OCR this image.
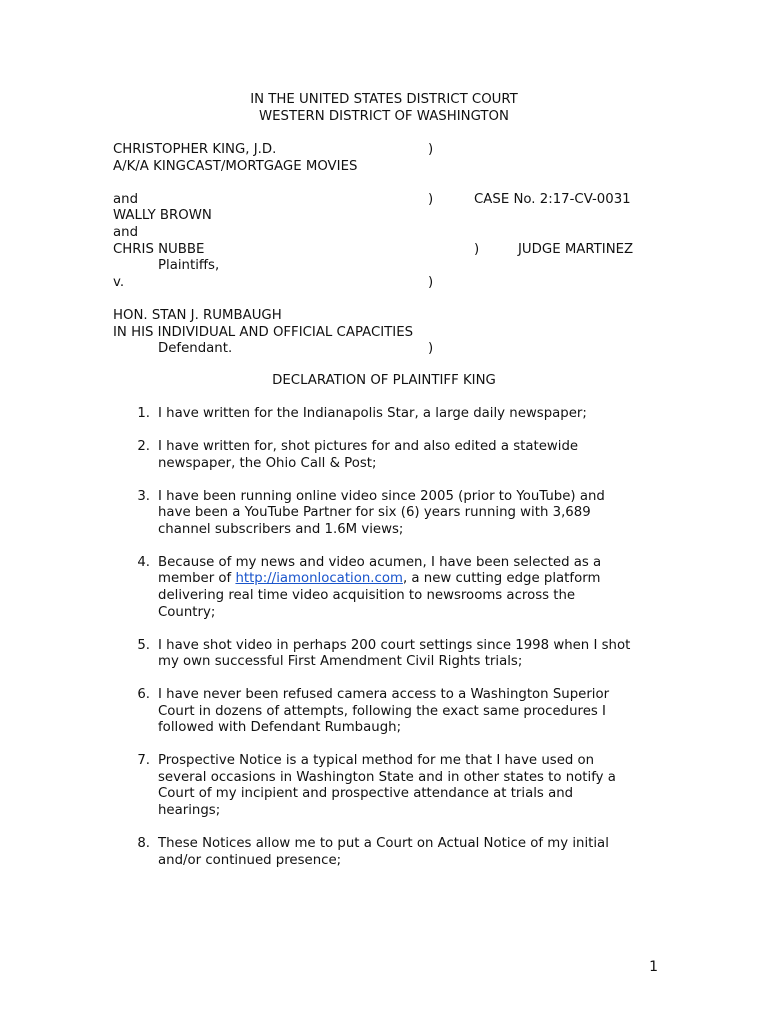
IN THE UNITED STATES DISTRICT COURT
WESTERN DISTRICT OF WASHINGTON
CHRISTOPHER KING, J.D.
A/K/A KINGCAST/MORTGAGE MOVIES
and
WALLY BROWN
and
CHRIS NUBBE
Plaintiffs,
v.
HON. STAN J. RUMBAUGH
IN HIS INDIVIDUAL AND OFFICIAL CAPACITIES
Defendant.
)
)	CASE No. 2:17-CV-0031
)	JUDGE MARTINEZ
)
)
DECLARATION OF PLAINTIFF KING
1. I have written for the Indianapolis Star, a large daily newspaper;
2. I have written for, shot pictures for and also edited a statewide
newspaper, the Ohio Call & Post;
3. I have been running online video since 2005 (prior to YouTube) and
have been a YouTube Partner for six (6) years running with 3,689
channel subscribers and 1.6M views;
4. Because of my news and video acumen, I have been selected as a
member of http://iamonlocation.com, a new cutting edge platform
delivering real time video acquisition to newsrooms across the
Country;
5. I have shot video in perhaps 200 court settings since 1998 when I shot
my own successful First Amendment Civil Rights trials;
6. I have never been refused camera access to a Washington Superior
Court in dozens of attempts, following the exact same procedures I
followed with Defendant Rumbaugh;
7. Prospective Notice is a typical method for me that I have used on
several occasions in Washington State and in other states to notify a
Court of my incipient and prospective attendance at trials and
hearings;
8. These Notices allow me to put a Court on Actual Notice of my initial
and/or continued presence;
1
